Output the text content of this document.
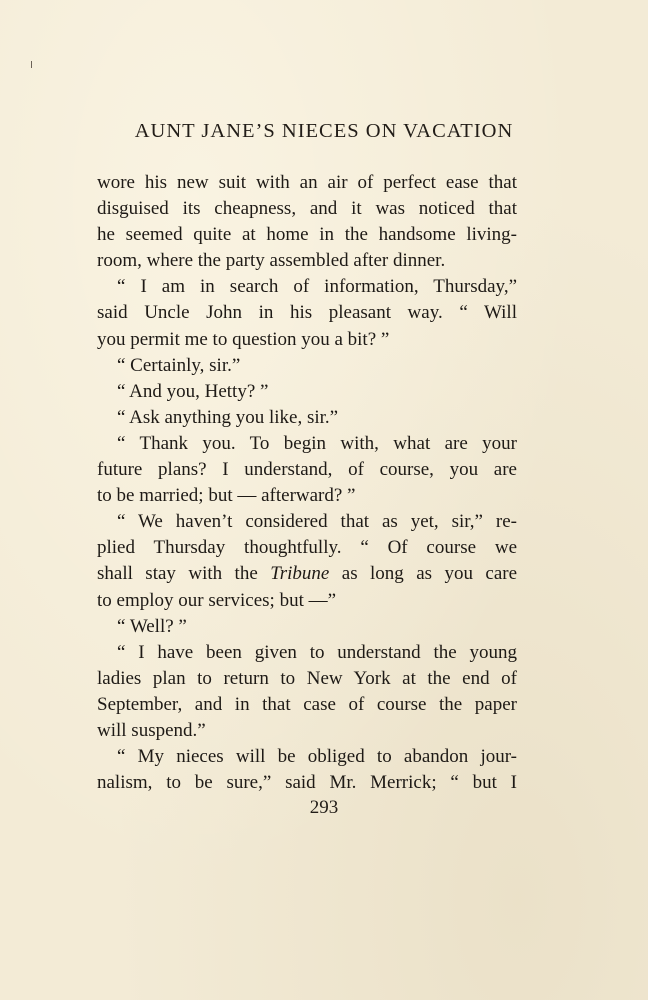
AUNT JANE’S NIECES ON VACATION
wore his new suit with an air of perfect ease that
disguised its cheapness, and it was noticed that
he seemed quite at home in the handsome living-
room, where the party assembled after dinner.
“ I am in search of information, Thursday,”
said Uncle John in his pleasant way. “ Will
you permit me to question you a bit? ”
“ Certainly, sir.”
“ And you, Hetty? ”
“ Ask anything you like, sir.”
“ Thank you. To begin with, what are your
future plans? I understand, of course, you are
to be married; but — afterward? ”
“ We haven’t considered that as yet, sir,” re-
plied Thursday thoughtfully. “ Of course we
shall stay with the Tribune as long as you care
to employ our services; but —”
“ Well? ”
“ I have been given to understand the young
ladies plan to return to New York at the end of
September, and in that case of course the paper
will suspend.”
“ My nieces will be obliged to abandon jour-
nalism, to be sure,” said Mr. Merrick; “ but I
293
